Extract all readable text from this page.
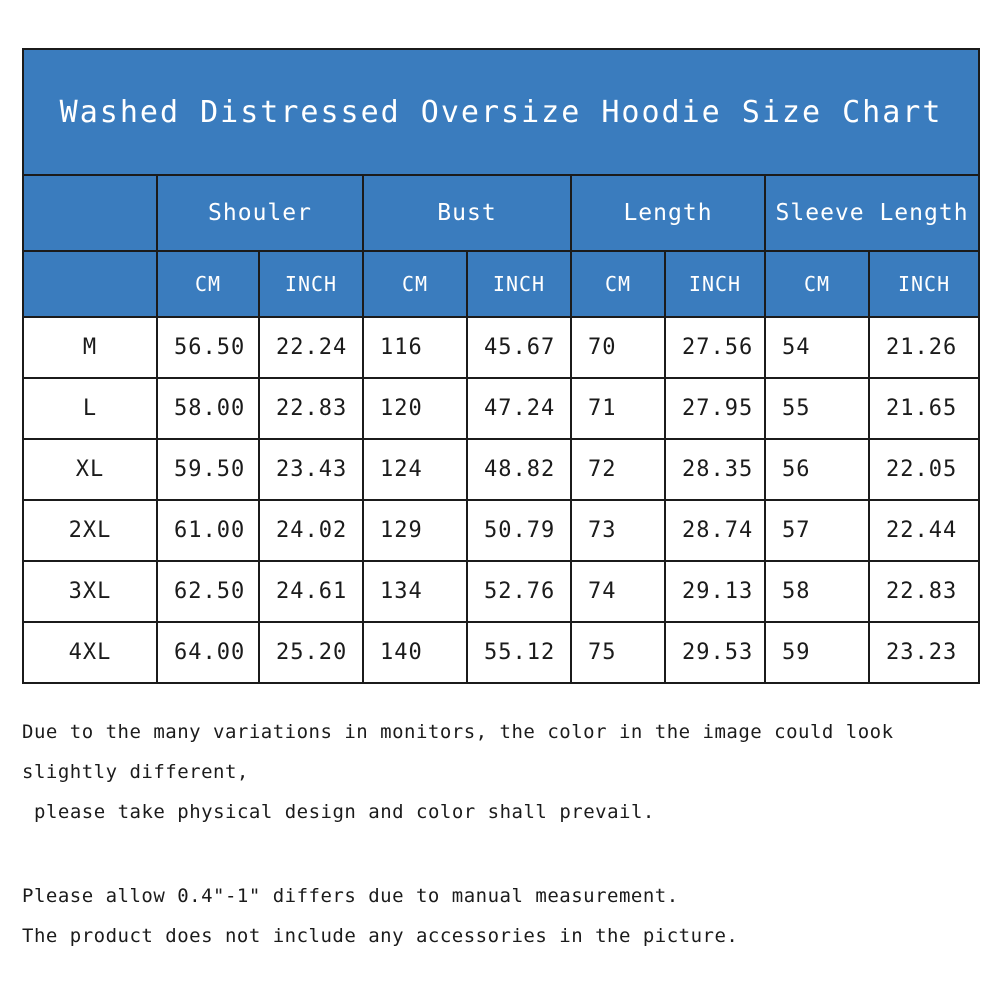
Washed Distressed Oversize Hoodie Size Chart								
	Shouler		Bust		Length		Sleeve Length	
	CM	INCH	CM	INCH	CM	INCH	CM	INCH
M	56.50	22.24	116	45.67	70	27.56	54	21.26
L	58.00	22.83	120	47.24	71	27.95	55	21.65
XL	59.50	23.43	124	48.82	72	28.35	56	22.05
2XL	61.00	24.02	129	50.79	73	28.74	57	22.44
3XL	62.50	24.61	134	52.76	74	29.13	58	22.83
4XL	64.00	25.20	140	55.12	75	29.53	59	23.23
Due to the many variations in monitors, the color in the image could look slightly different,
please take physical design and color shall prevail.
Please allow 0.4"-1" differs due to manual measurement.
The product does not include any accessories in the picture.
